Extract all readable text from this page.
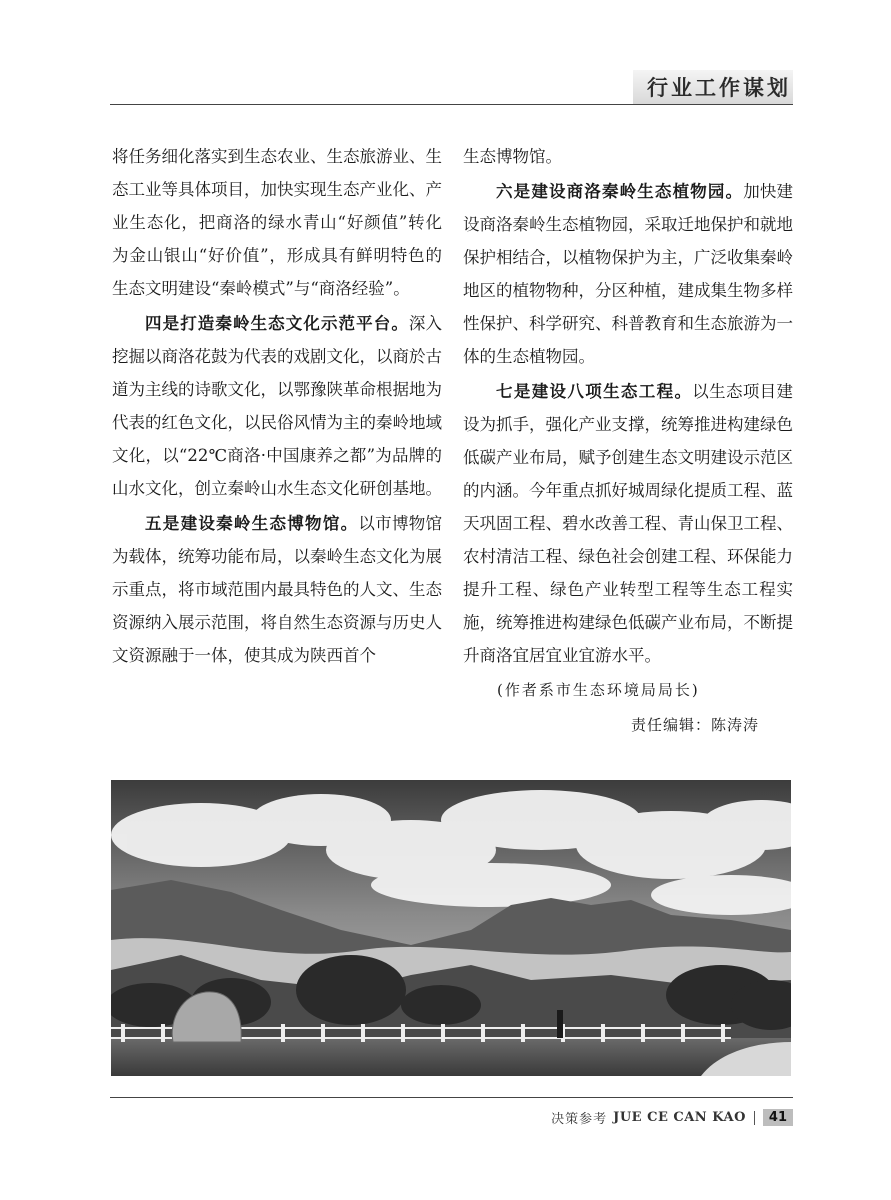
行业工作谋划

将任务细化落实到生态农业、生态旅游业、生态工业等具体项目，加快实现生态产业化、产业生态化，把商洛的绿水青山“好颜值”转化为金山银山“好价值”，形成具有鲜明特色的生态文明建设“秦岭模式”与“商洛经验”。

四是打造秦岭生态文化示范平台。深入挖掘以商洛花鼓为代表的戏剧文化，以商於古道为主线的诗歌文化，以鄂豫陕革命根据地为代表的红色文化，以民俗风情为主的秦岭地域文化，以“22℃商洛·中国康养之都”为品牌的山水文化，创立秦岭山水生态文化研创基地。

五是建设秦岭生态博物馆。以市博物馆为载体，统筹功能布局，以秦岭生态文化为展示重点，将市域范围内最具特色的人文、生态资源纳入展示范围，将自然生态资源与历史人文资源融于一体，使其成为陕西首个

生态博物馆。

六是建设商洛秦岭生态植物园。加快建设商洛秦岭生态植物园，采取迁地保护和就地保护相结合，以植物保护为主，广泛收集秦岭地区的植物物种，分区种植，建成集生物多样性保护、科学研究、科普教育和生态旅游为一体的生态植物园。

七是建设八项生态工程。以生态项目建设为抓手，强化产业支撑，统筹推进构建绿色低碳产业布局，赋予创建生态文明建设示范区的内涵。今年重点抓好城周绿化提质工程、蓝天巩固工程、碧水改善工程、青山保卫工程、农村清洁工程、绿色社会创建工程、环保能力提升工程、绿色产业转型工程等生态工程实施，统筹推进构建绿色低碳产业布局，不断提升商洛宜居宜业宜游水平。

(作者系市生态环境局局长)

责任编辑：陈涛涛

决策参考 JUE CE CAN KAO	41
